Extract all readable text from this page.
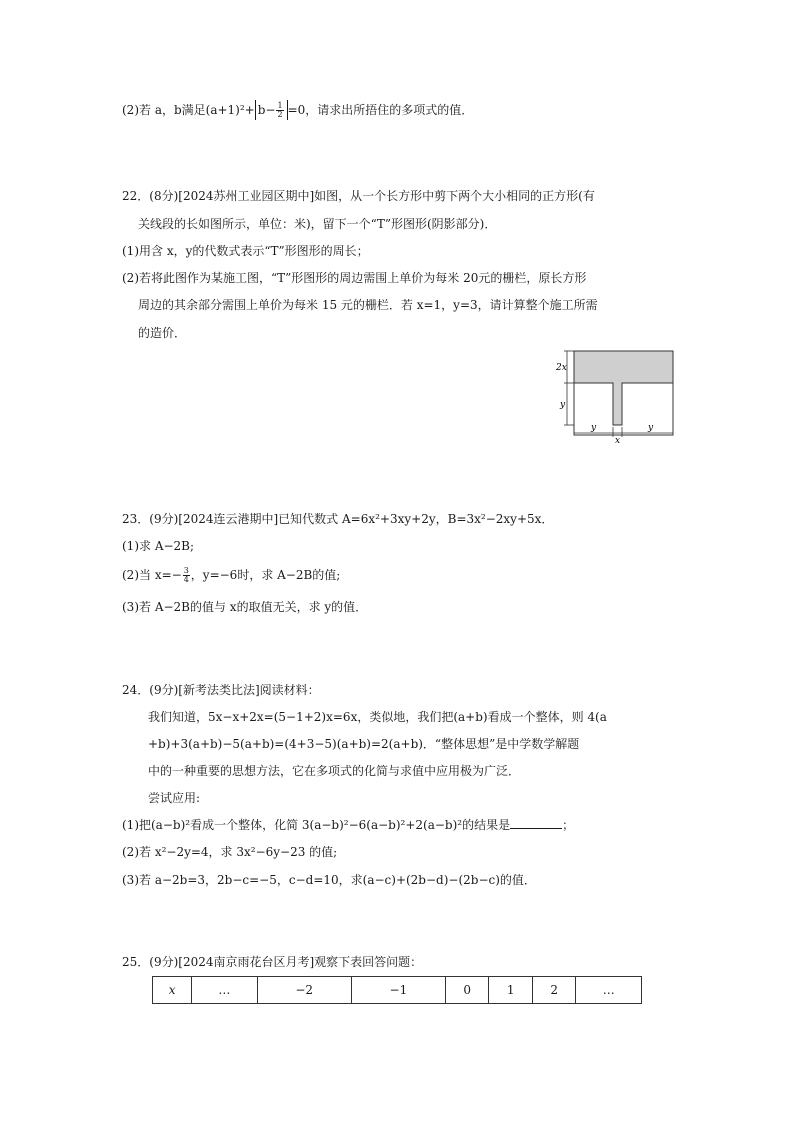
(2)若 a，b满足$(a+1)^2+ b- \frac{1}{2} =0$，请求出所捂住的多项式的值．
22．(8分)[2024苏州工业园区期中]如图，从一个长方形中剪下两个大小相同的正方形(有
关线段的长如图所示，单位：米)，留下一个“T”形图形(阴影部分)．
(1)用含 x，y的代数式表示“T”形图形的周长；
(2)若将此图作为某施工图，“T”形图形的周边需围上单价为每米 20元的栅栏，原长方形
周边的其余部分需围上单价为每米 15 元的栅栏．若 x=1，y=3，请计算整个施工所需
的造价．
2x
y
y
x
y
23．(9分)[2024连云港期中]已知代数式 A=6x²+3xy+2y，B=3x²−2xy+5x．
(1)求 A−2B;
(2)当 $x=- \frac{3}{4}$ ，y=−6时，求 A−2B的值;
(3)若 A−2B的值与 x的取值无关，求 y的值．
24．(9分)[新考法类比法]阅读材料：
我们知道，5x−x+2x=(5−1+2)x=6x，类似地，我们把(a+b)看成一个整体，则 4(a
+b)+3(a+b)−5(a+b)=(4+3−5)(a+b)=2(a+b)．“整体思想”是中学数学解题
中的一种重要的思想方法，它在多项式的化简与求值中应用极为广泛．
尝试应用:
(1)把(a−b)²看成一个整体，化简 3(a−b)²−6(a−b)²+2(a−b)²的结果是	；
(2)若 x²−2y=4，求 3x²−6y−23 的值;
(3)若 a−2b=3，2b−c=−5，c−d=10，求(a−c)+(2b−d)−(2b−c)的值．
25．(9分)[2024南京雨花台区月考]观察下表回答问题：
x	…	−2	−1	0	1	2	…
